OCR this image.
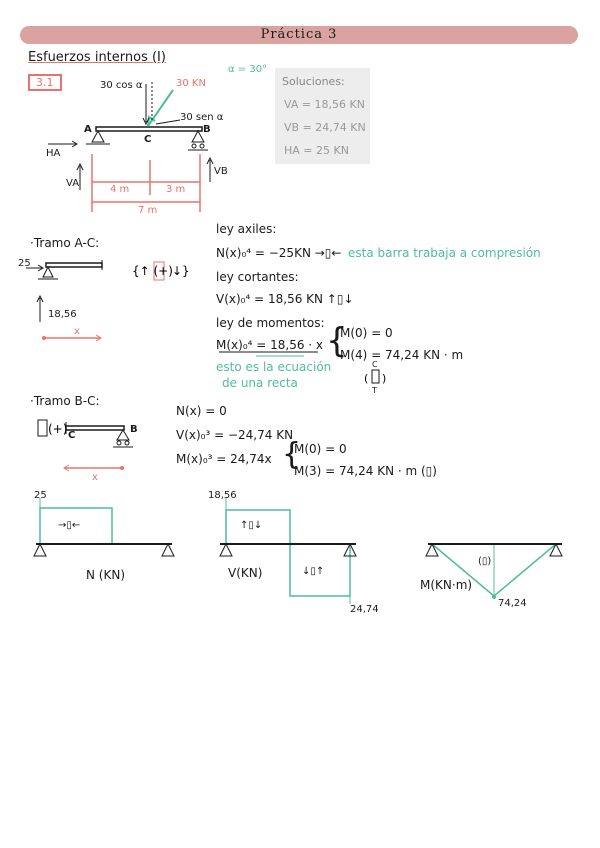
Práctica 3
Esfuerzos internos (I)
3.1	Soluciones:
VA = 18,56 KN
VB = 24,74 KN
HA = 25 KN
{↑ (+) ↓}
( )
(+)
α = 30°
30 KN
30 cos α
30 sen α
A	B
C
HA
VA
VB
4 m	3 m
7 m
·Tramo A-C:
25
18,56
x
ley axiles:
N(x)₀⁴ = −25KN →▯← esta barra trabaja a compresión
ley cortantes:
V(x)₀⁴ = 18,56 KN ↑▯↓
ley de momentos:
M(x)₀⁴ = 18,56 · x
esto es la ecuación
de una recta
{
M(0) = 0
M(4) = 74,24 KN · m
C
T
·Tramo B-C:
C
B
x
N(x) = 0
V(x)₀³ = −24,74 KN
M(x)₀³ = 24,74x {
M(0) = 0
M(3) = 74,24 KN · m (▯)
25
→▯←
N (KN)
18,56
↑▯↓
↓▯↑
24,74
V(KN)
(▯)
M(KN·m)
74,24
